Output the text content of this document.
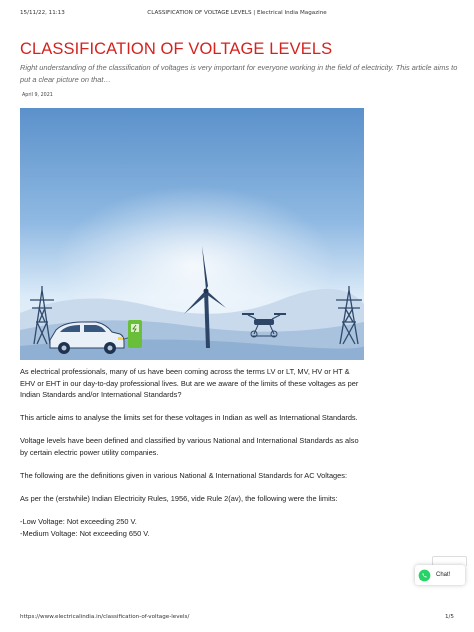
15/11/22, 11:13	CLASSIFICATION OF VOLTAGE LEVELS | Electrical India Magazine
CLASSIFICATION OF VOLTAGE LEVELS
Right understanding of the classification of voltages is very important for everyone working in the field of electricity. This article aims to put a clear picture on that…
April 9, 2021

As electrical professionals, many of us have been coming across the terms LV or LT, MV, HV or HT & EHV or EHT in our day-to-day professional lives. But are we aware of the limits of these voltages as per Indian Standards and/or International Standards?

This article aims to analyse the limits set for these voltages in Indian as well as International Standards.

Voltage levels have been defined and classified by various National and International Standards as also by certain electric power utility companies.

The following are the definitions given in various National & International Standards for AC Voltages:

As per the (erstwhile) Indian Electricity Rules, 1956, vide Rule 2(av), the following were the limits:

-Low Voltage: Not exceeding 250 V.

-Medium Voltage: Not exceeding 650 V.

Chat!
https://www.electricalindia.in/classification-of-voltage-levels/	1/5
